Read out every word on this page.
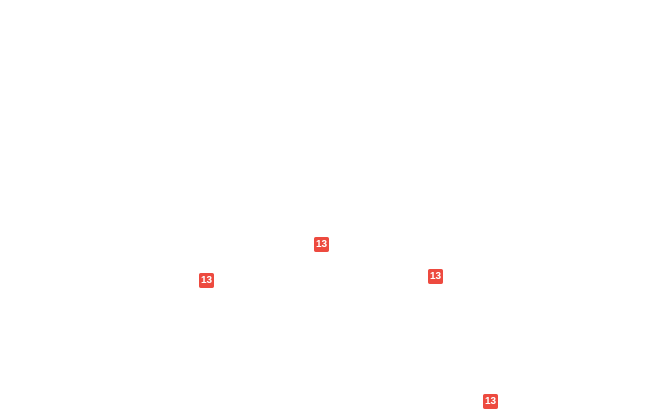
13
13	13
13
